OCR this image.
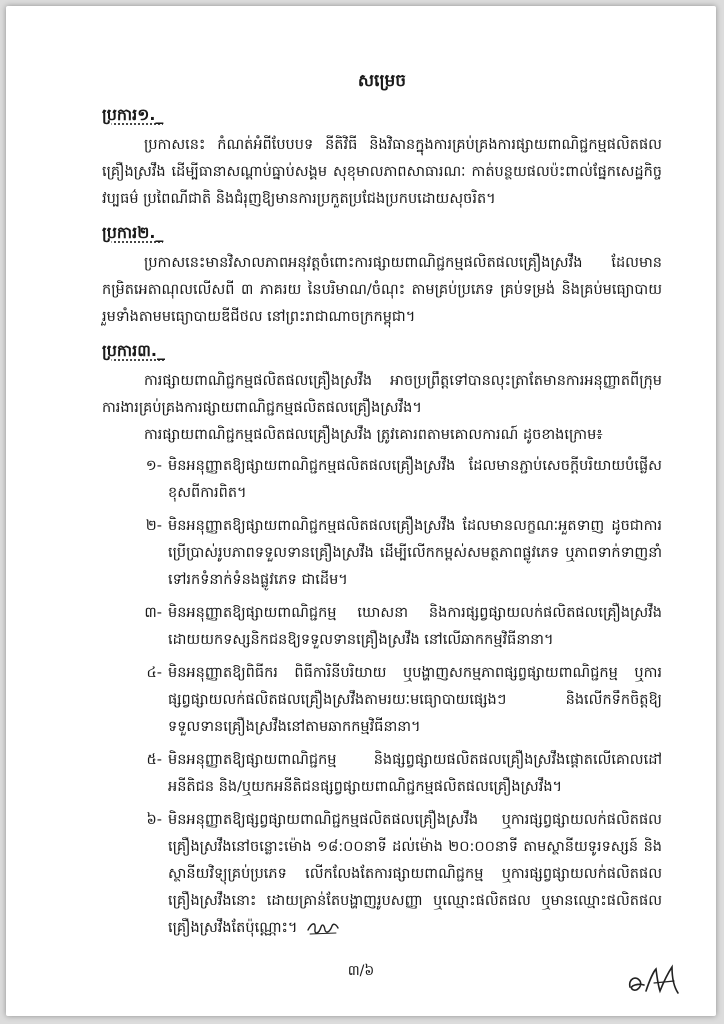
សម្រេច
ប្រការ១._

ប្រកាសនេះ កំណត់អំពីបែបបទ នីតិវិធី និងវិធានក្នុងការគ្រប់គ្រងការផ្សាយពាណិជ្ជកម្មផលិតផលគ្រឿងស្រវឹង ដើម្បីធានាសណ្តាប់ធ្នាប់សង្គម សុខុមាលភាពសាធារណៈ កាត់បន្ថយផលប៉ះពាល់ផ្នែកសេដ្ឋកិច្ច វប្បធម៌ ប្រពៃណីជាតិ និងជំរុញឱ្យមានការប្រកួតប្រជែងប្រកបដោយសុចរិត។

ប្រការ២._

ប្រកាសនេះមានវិសាលភាពអនុវត្តចំពោះការផ្សាយពាណិជ្ជកម្មផលិតផលគ្រឿងស្រវឹង ដែលមានកម្រិតអេតាណុលលើសពី ៣ ភាគរយ នៃបរិមាណ/ចំណុះ តាមគ្រប់ប្រភេទ គ្រប់ទម្រង់ និងគ្រប់មធ្យោបាយ រួមទាំងតាមមធ្យោបាយឌីជីថល នៅព្រះរាជាណាចក្រកម្ពុជា។

ប្រការ៣._

ការផ្សាយពាណិជ្ជកម្មផលិតផលគ្រឿងស្រវឹង អាចប្រព្រឹត្តទៅបានលុះត្រាតែមានការអនុញ្ញាតពីក្រុមការងារគ្រប់គ្រងការផ្សាយពាណិជ្ជកម្មផលិតផលគ្រឿងស្រវឹង។

ការផ្សាយពាណិជ្ជកម្មផលិតផលគ្រឿងស្រវឹង ត្រូវគោរពតាមគោលការណ៍ ដូចខាងក្រោម៖

១- មិនអនុញ្ញាតឱ្យផ្សាយពាណិជ្ជកម្មផលិតផលគ្រឿងស្រវឹង ដែលមានភ្ជាប់សេចក្តីបរិយាយបំផ្លើសខុសពីការពិត។
២- មិនអនុញ្ញាតឱ្យផ្សាយពាណិជ្ជកម្មផលិតផលគ្រឿងស្រវឹង ដែលមានលក្ខណៈអួតទាញ ដូចជាការប្រើប្រាស់រូបភាពទទួលទានគ្រឿងស្រវឹង ដើម្បីលើកកម្ពស់សមត្ថភាពផ្លូវភេទ ឬភាពទាក់ទាញនាំទៅរកទំនាក់ទំនងផ្លូវភេទ ជាដើម។
៣- មិនអនុញ្ញាតឱ្យផ្សាយពាណិជ្ជកម្ម ឃោសនា និងការផ្សព្វផ្សាយលក់ផលិតផលគ្រឿងស្រវឹងដោយយកទស្សនិកជនឱ្យទទួលទានគ្រឿងស្រវឹង នៅលើឆាកកម្មវិធីនានា។
៤- មិនអនុញ្ញាតឱ្យពិធីករ ពិធីការិនីបរិយាយ ឬបង្ហាញសកម្មភាពផ្សព្វផ្សាយពាណិជ្ជកម្ម ឬការផ្សព្វផ្សាយលក់ផលិតផលគ្រឿងស្រវឹងតាមរយៈមធ្យោបាយផ្សេងៗ និងលើកទឹកចិត្តឱ្យទទួលទានគ្រឿងស្រវឹងនៅតាមឆាកកម្មវិធីនានា។
៥- មិនអនុញ្ញាតឱ្យផ្សាយពាណិជ្ជកម្ម និងផ្សព្វផ្សាយផលិតផលគ្រឿងស្រវឹងផ្តោតលើគោលដៅអនីតិជន និង/ឬយកអនីតិជនផ្សព្វផ្សាយពាណិជ្ជកម្មផលិតផលគ្រឿងស្រវឹង។
៦- មិនអនុញ្ញាតឱ្យផ្សព្វផ្សាយពាណិជ្ជកម្មផលិតផលគ្រឿងស្រវឹង ឬការផ្សព្វផ្សាយលក់ផលិតផលគ្រឿងស្រវឹងនៅចន្លោះម៉ោង ១៨:០០នាទី ដល់ម៉ោង ២០:០០នាទី តាមស្ថានីយទូរទស្សន៍ និងស្ថានីយវិទ្យុគ្រប់ប្រភេទ លើកលែងតែការផ្សាយពាណិជ្ជកម្ម ឬការផ្សព្វផ្សាយលក់ផលិតផលគ្រឿងស្រវឹងនោះ ដោយគ្រាន់តែបង្ហាញរូបសញ្ញា ឬឈ្មោះផលិតផល ឬមានឈ្មោះផលិតផលគ្រឿងស្រវឹងតែប៉ុណ្ណោះ។
៣/៦
